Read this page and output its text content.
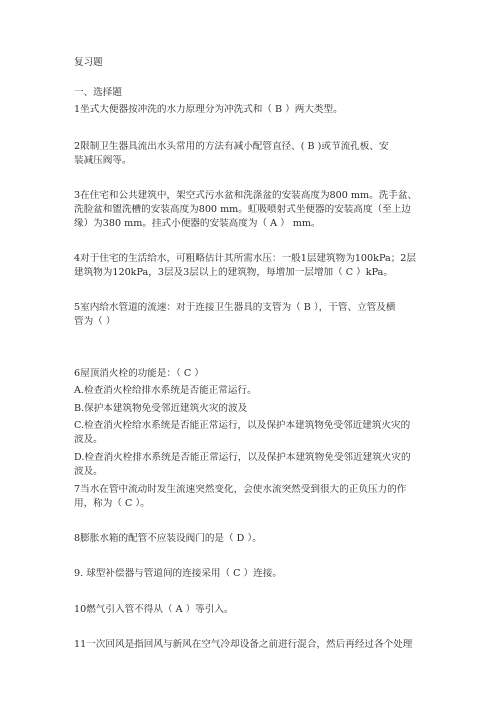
复习题
一、选择题
1坐式大便器按冲洗的水力原理分为冲洗式和（ B ）两大类型。
2限制卫生器具流出水头常用的方法有减小配管直径、( B )或节流孔板、安
装减压阀等。
3在住宅和公共建筑中，架空式污水盆和洗涤盆的安装高度为800 mm。洗手盆、
洗脸盆和盥洗槽的安装高度为800 mm。虹吸喷射式坐便器的安装高度（至上边
缘）为380 mm。挂式小便器的安装高度为（ A ） mm。
4对于住宅的生活给水，可粗略估计其所需水压：一般1层建筑物为100kPa；2层
建筑物为120kPa，3层及3层以上的建筑物，每增加一层增加（ C ）kPa。
5室内给水管道的流速：对于连接卫生器具的支管为（ B ），干管、立管及横
管为（ ）
6屋顶消火栓的功能是：（ C ）
A.检查消火栓给排水系统是否能正常运行。
B.保护本建筑物免受邻近建筑火灾的波及
C.检查消火栓给水系统是否能正常运行，以及保护本建筑物免受邻近建筑火灾的
波及。
D.检查消火栓排水系统是否能正常运行，以及保护本建筑物免受邻近建筑火灾的
波及。
7当水在管中流动时发生流速突然变化，会使水流突然受到很大的正负压力的作
用，称为（ C ）。
8膨胀水箱的配管不应装设阀门的是（ D ）。
9. 球型补偿器与管道间的连接采用（ C ）连接。
10燃气引入管不得从（ A ）等引入。
11一次回风是指回风与新风在空气冷却设备之前进行混合，然后再经过各个处理
